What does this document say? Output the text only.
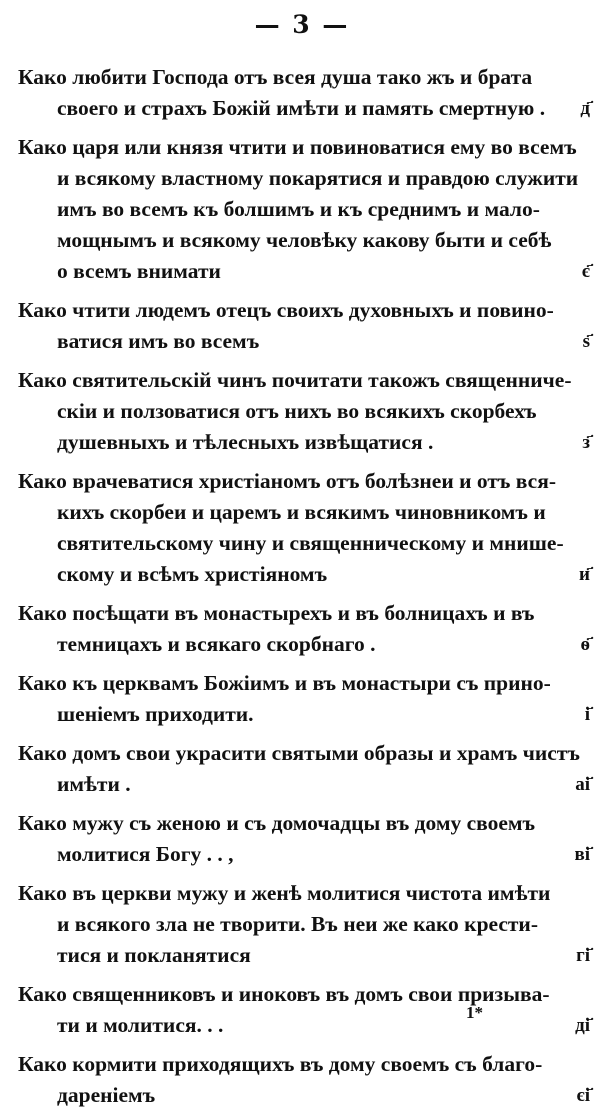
— 3 —
Како любити Господа отъ всея душа тако жъ и брата
своего и страхъ Божій имѣти и память смертную .	д҃
Како царя или князя чтити и повиноватися ему во всемъ
и всякому властному покарятися и правдою служити
имъ во всемъ къ болшимъ и къ среднимъ и мало-
мощнымъ и всякому человѣку какову быти и себѣ
о всемъ внимати	є҃
Како чтити людемъ отецъ своихъ духовныхъ и повино-
ватися имъ во всемъ	ѕ҃
Како святительскій чинъ почитати такожъ священниче-
скіи и ползоватися отъ нихъ во всякихъ скорбехъ
душевныхъ и тѣлесныхъ извѣщатися .	з҃
Како врачеватися христіаномъ отъ болѣзнеи и отъ вся-
кихъ скорбеи и царемъ и всякимъ чиновникомъ и
святительскому чину и священническому и мнише-
скому и всѣмъ христіяномъ	и҃
Како посѣщати въ монастырехъ и въ болницахъ и въ
темницахъ и всякаго скорбнаго .	ѳ҃
Како къ церквамъ Божіимъ и въ монастыри съ прино-
шеніемъ приходити.	і҃
Како домъ свои украсити святыми образы и храмъ чистъ
имѣти .	аі҃
Како мужу съ женою и съ домочадцы въ дому своемъ
молитися Богу . . ,	ві҃
Како въ церкви мужу и женѣ молитися чистота имѣти
и всякого зла не творити. Въ неи же како крести-
тися и покланятися	гі҃
Како священниковъ и иноковъ въ домъ свои призыва-
ти и молитися. . .	ді҃
Како кормити приходящихъ въ дому своемъ съ благо-
дареніемъ	єі҃
1*
